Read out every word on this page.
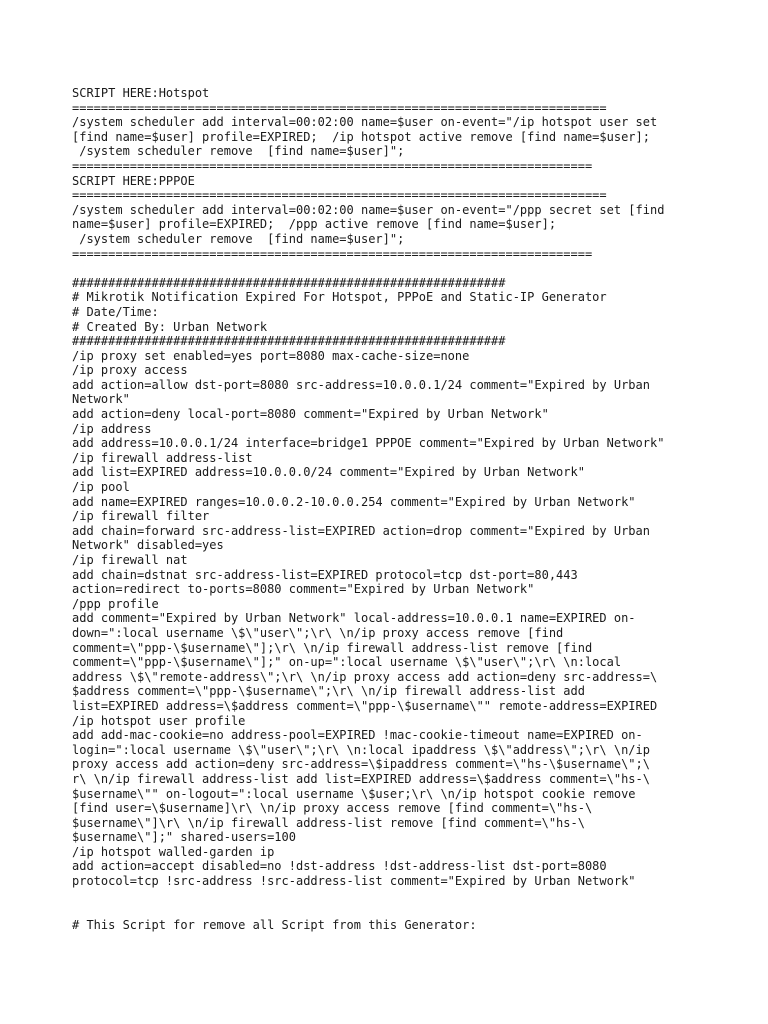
SCRIPT HERE:Hotspot
==========================================================================
/system scheduler add interval=00:02:00 name=$user on-event="/ip hotspot user set
[find name=$user] profile=EXPIRED;  /ip hotspot active remove [find name=$user];
/system scheduler remove  [find name=$user]";
========================================================================
SCRIPT HERE:PPPOE
==========================================================================
/system scheduler add interval=00:02:00 name=$user on-event="/ppp secret set [find
name=$user] profile=EXPIRED;  /ppp active remove [find name=$user];
/system scheduler remove  [find name=$user]";
========================================================================
############################################################
# Mikrotik Notification Expired For Hotspot, PPPoE and Static-IP Generator
# Date/Time:
# Created By: Urban Network
############################################################
/ip proxy set enabled=yes port=8080 max-cache-size=none
/ip proxy access
add action=allow dst-port=8080 src-address=10.0.0.1/24 comment="Expired by Urban
Network"
add action=deny local-port=8080 comment="Expired by Urban Network"
/ip address
add address=10.0.0.1/24 interface=bridge1 PPPOE comment="Expired by Urban Network"
/ip firewall address-list
add list=EXPIRED address=10.0.0.0/24 comment="Expired by Urban Network"
/ip pool
add name=EXPIRED ranges=10.0.0.2-10.0.0.254 comment="Expired by Urban Network"
/ip firewall filter
add chain=forward src-address-list=EXPIRED action=drop comment="Expired by Urban
Network" disabled=yes
/ip firewall nat
add chain=dstnat src-address-list=EXPIRED protocol=tcp dst-port=80,443
action=redirect to-ports=8080 comment="Expired by Urban Network"
/ppp profile
add comment="Expired by Urban Network" local-address=10.0.0.1 name=EXPIRED on-
down=":local username \$\"user\";\r\ \n/ip proxy access remove [find
comment=\"ppp-\$username\"];\r\ \n/ip firewall address-list remove [find
comment=\"ppp-\$username\"];" on-up=":local username \$\"user\";\r\ \n:local
address \$\"remote-address\";\r\ \n/ip proxy access add action=deny src-address=\
$address comment=\"ppp-\$username\";\r\ \n/ip firewall address-list add
list=EXPIRED address=\$address comment=\"ppp-\$username\"" remote-address=EXPIRED
/ip hotspot user profile
add add-mac-cookie=no address-pool=EXPIRED !mac-cookie-timeout name=EXPIRED on-
login=":local username \$\"user\";\r\ \n:local ipaddress \$\"address\";\r\ \n/ip
proxy access add action=deny src-address=\$ipaddress comment=\"hs-\$username\";\
r\ \n/ip firewall address-list add list=EXPIRED address=\$address comment=\"hs-\
$username\"" on-logout=":local username \$user;\r\ \n/ip hotspot cookie remove
[find user=\$username]\r\ \n/ip proxy access remove [find comment=\"hs-\
$username\"]\r\ \n/ip firewall address-list remove [find comment=\"hs-\
$username\"];" shared-users=100
/ip hotspot walled-garden ip
add action=accept disabled=no !dst-address !dst-address-list dst-port=8080
protocol=tcp !src-address !src-address-list comment="Expired by Urban Network"
# This Script for remove all Script from this Generator:
